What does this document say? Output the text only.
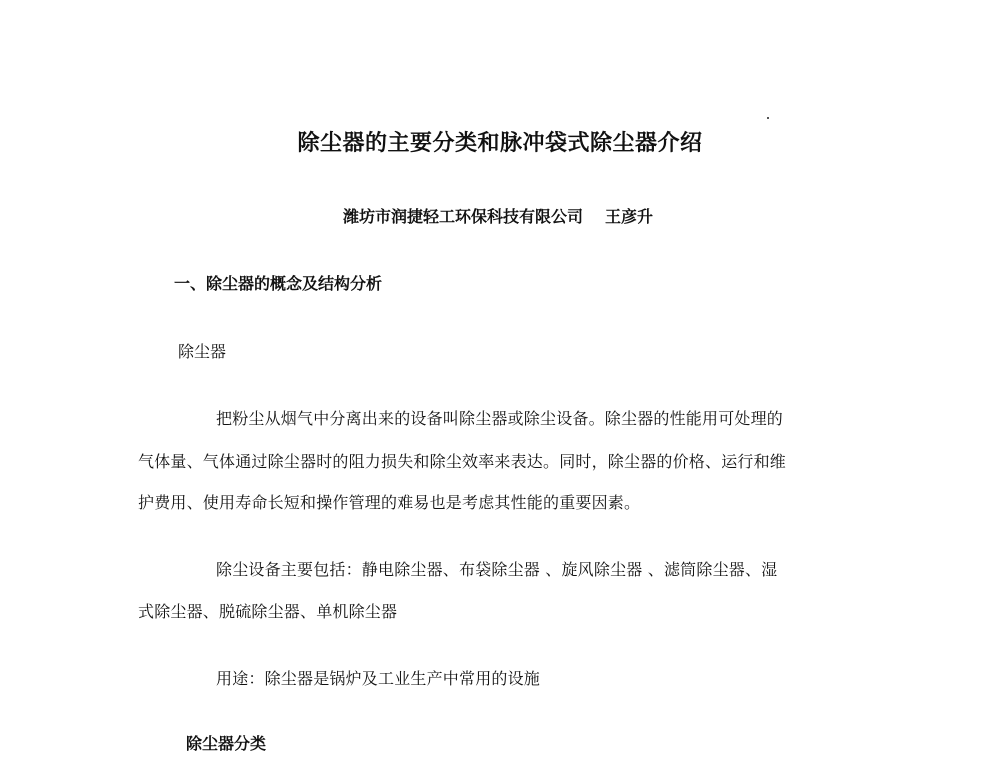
除尘器的主要分类和脉冲袋式除尘器介绍
潍坊市润捷轻工环保科技有限公司 王彦升
一、除尘器的概念及结构分析
除尘器
把粉尘从烟气中分离出来的设备叫除尘器或除尘设备。除尘器的性能用可处理的
气体量、气体通过除尘器时的阻力损失和除尘效率来表达。同时，除尘器的价格、运行和维
护费用、使用寿命长短和操作管理的难易也是考虑其性能的重要因素。
除尘设备主要包括：静电除尘器、布袋除尘器 、旋风除尘器 、滤筒除尘器、湿
式除尘器、脱硫除尘器、单机除尘器
用途：除尘器是锅炉及工业生产中常用的设施
除尘器分类
